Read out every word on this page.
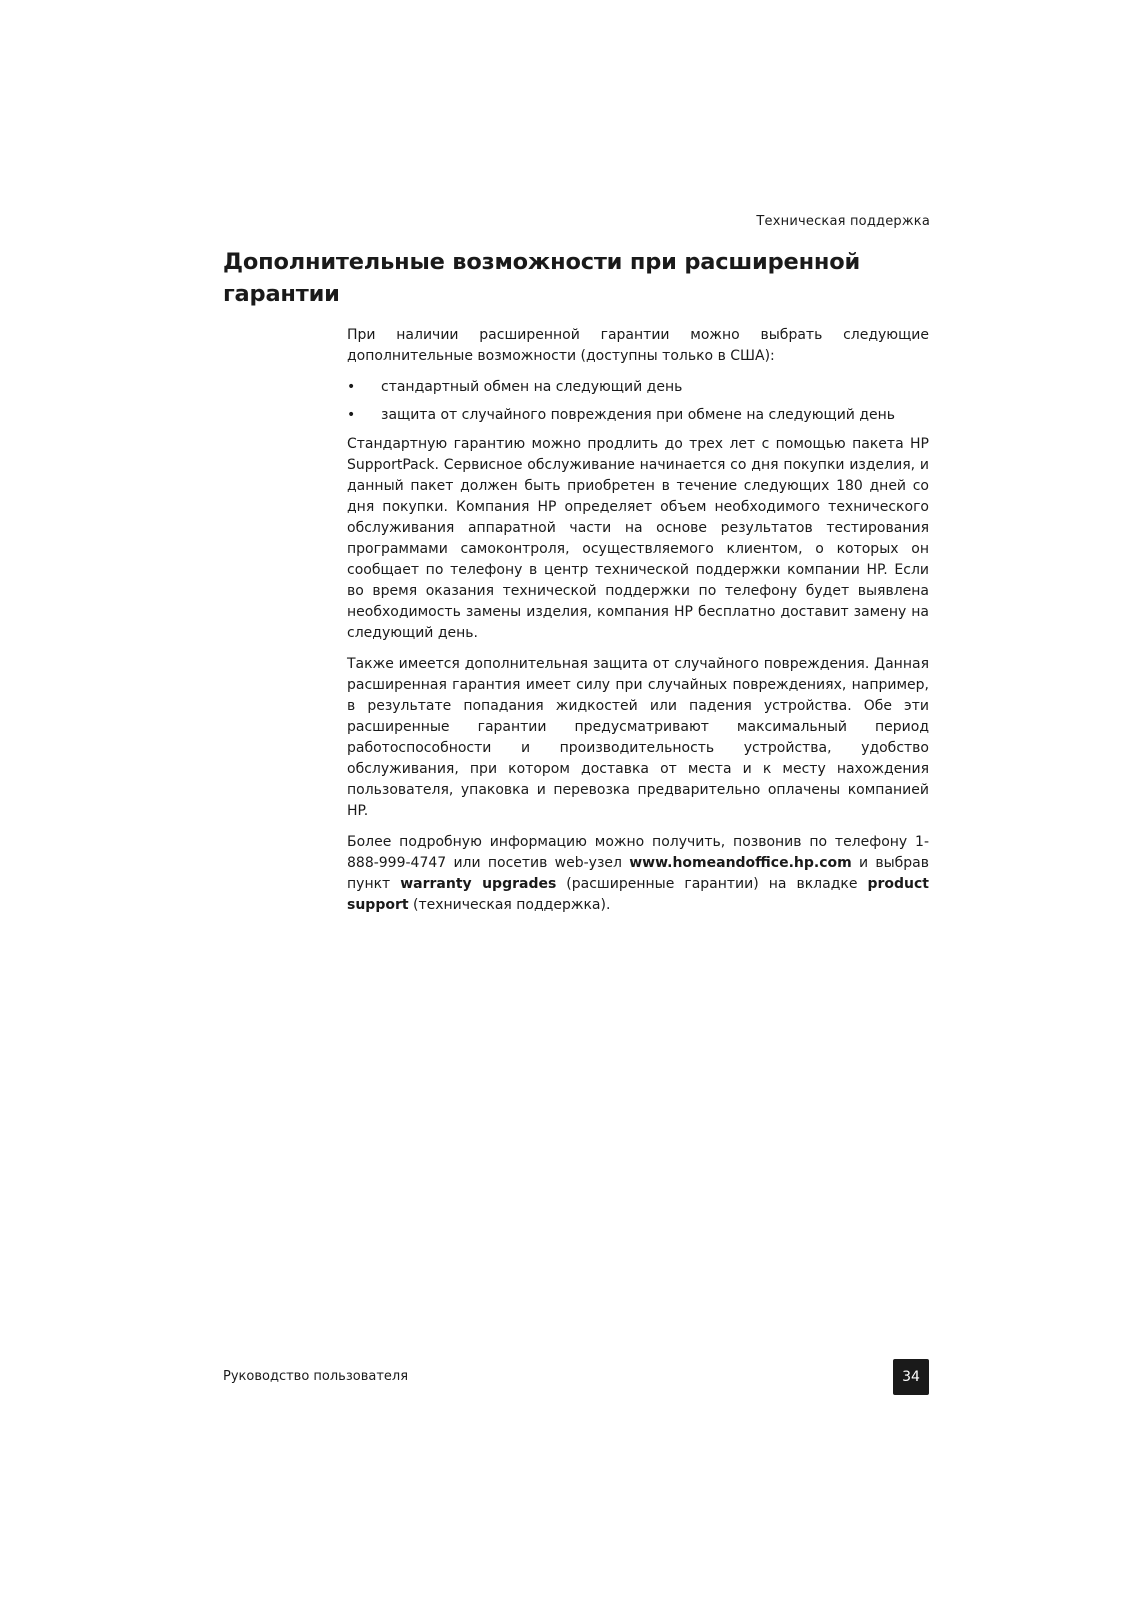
Техническая поддержка
Дополнительные возможности при расширенной гарантии

При наличии расширенной гарантии можно выбрать следующие дополнительные возможности (доступны только в США):

• стандартный обмен на следующий день
• защита от случайного повреждения при обмене на следующий день

Стандартную гарантию можно продлить до трех лет с помощью пакета HP SupportPack. Сервисное обслуживание начинается со дня покупки изделия, и данный пакет должен быть приобретен в течение следующих 180 дней со дня покупки. Компания HP определяет объем необходимого технического обслуживания аппаратной части на основе результатов тестирования программами самоконтроля, осуществляемого клиентом, о которых он сообщает по телефону в центр технической поддержки компании HP. Если во время оказания технической поддержки по телефону будет выявлена необходимость замены изделия, компания HP бесплатно доставит замену на следующий день.

Также имеется дополнительная защита от случайного повреждения. Данная расширенная гарантия имеет силу при случайных повреждениях, например, в результате попадания жидкостей или падения устройства. Обе эти расширенные гарантии предусматривают максимальный период работоспособности и производительность устройства, удобство обслуживания, при котором доставка от места и к месту нахождения пользователя, упаковка и перевозка предварительно оплачены компанией HP.

Более подробную информацию можно получить, позвонив по телефону 1-888-999-4747 или посетив web-узел www.homeandoffice.hp.com и выбрав пункт warranty upgrades (расширенные гарантии) на вкладке product support (техническая поддержка).

Руководство пользователя	34
